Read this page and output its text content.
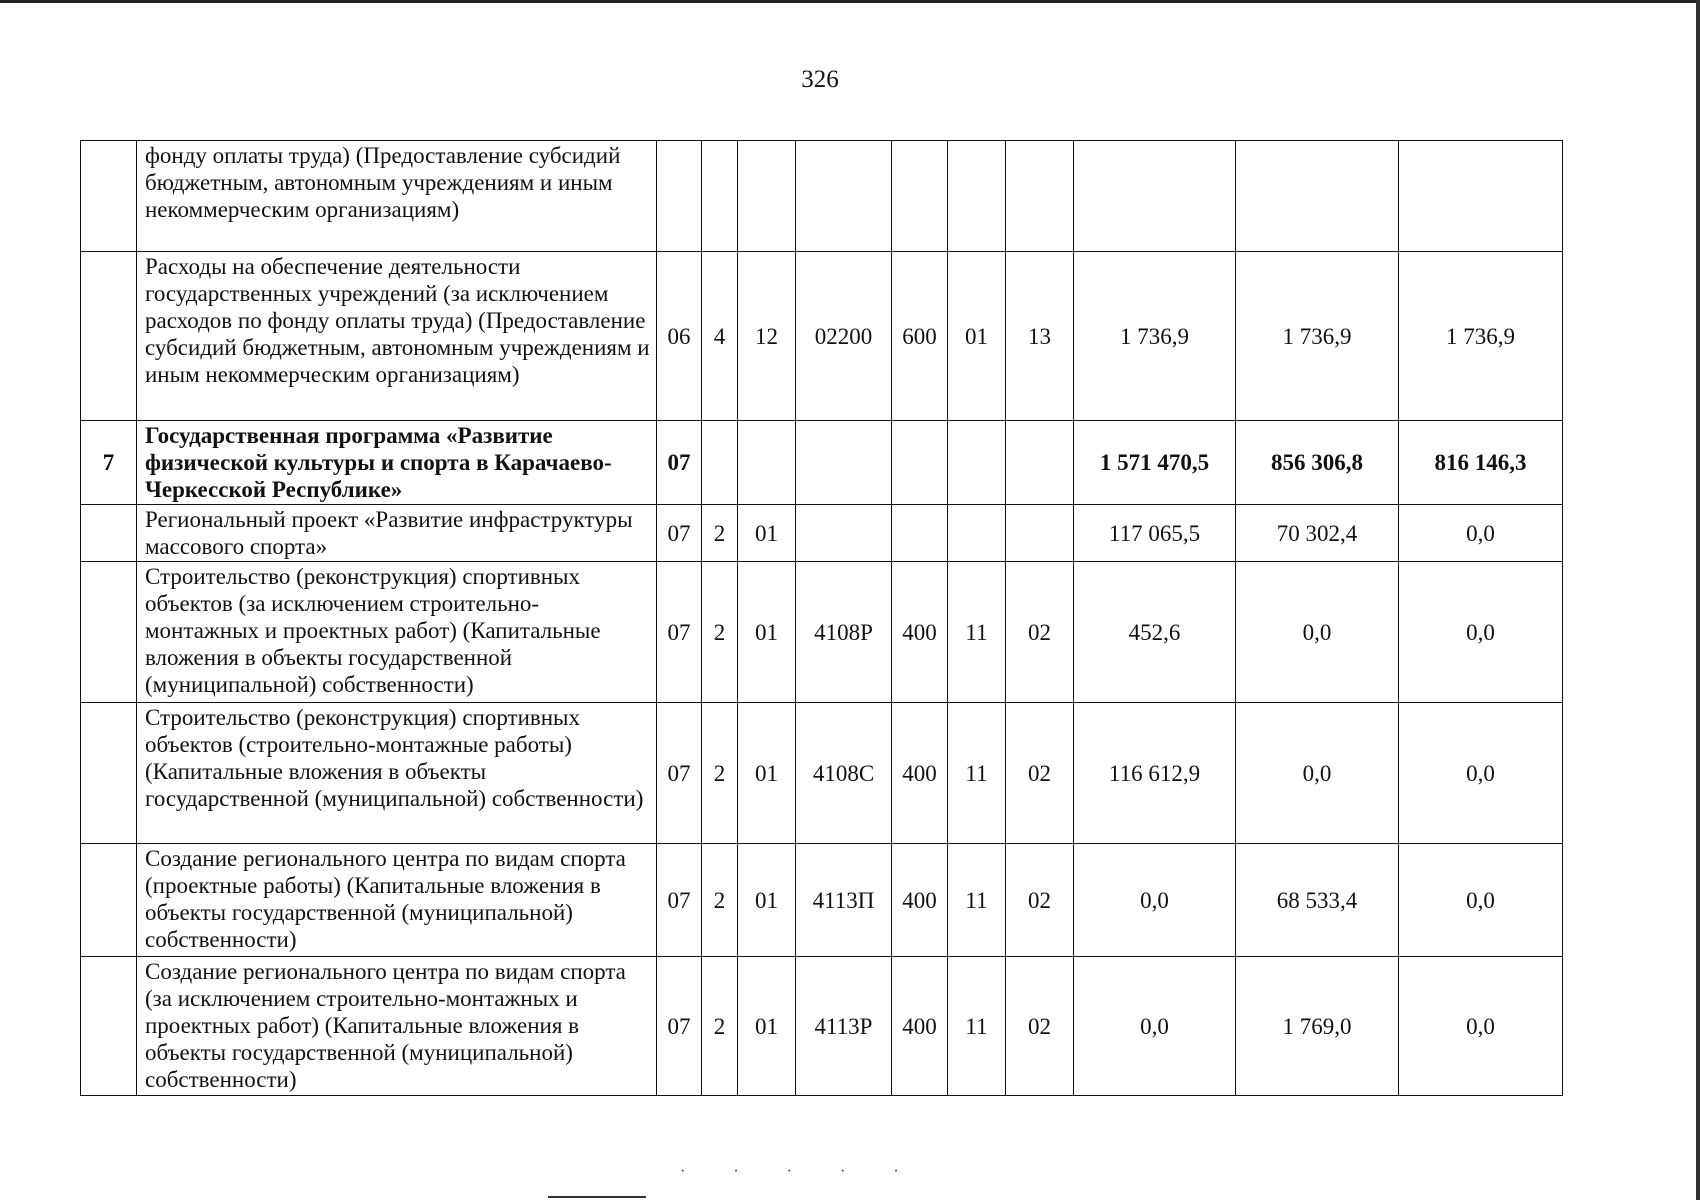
326
	фонду оплаты труда) (Предоставление субсидий бюджетным, автономным учреждениям и иным некоммерческим организациям)										
	Расходы на обеспечение деятельности государственных учреждений (за исключением расходов по фонду оплаты труда) (Предоставление субсидий бюджетным, автономным учреждениям и иным некоммерческим организациям)	06	4	12	02200	600	01	13	1 736,9	1 736,9	1 736,9
7	Государственная программа «Развитие физической культуры и спорта в Карачаево-Черкесской Республике»	07							1 571 470,5	856 306,8	816 146,3
	Региональный проект «Развитие инфраструктуры массового спорта»	07	2	01					117 065,5	70 302,4	0,0
	Строительство (реконструкция) спортивных объектов (за исключением строительно-монтажных и проектных работ) (Капитальные вложения в объекты государственной (муниципальной) собственности)	07	2	01	4108Р	400	11	02	452,6	0,0	0,0
	Строительство (реконструкция) спортивных объектов (строительно-монтажные работы) (Капитальные вложения в объекты государственной (муниципальной) собственности)	07	2	01	4108С	400	11	02	116 612,9	0,0	0,0
	Создание регионального центра по видам спорта (проектные работы) (Капитальные вложения в объекты государственной (муниципальной) собственности)	07	2	01	4113П	400	11	02	0,0	68 533,4	0,0
	Создание регионального центра по видам спорта (за исключением строительно-монтажных и проектных работ) (Капитальные вложения в объекты государственной (муниципальной) собственности)	07	2	01	4113Р	400	11	02	0,0	1 769,0	0,0
· · · · ·
